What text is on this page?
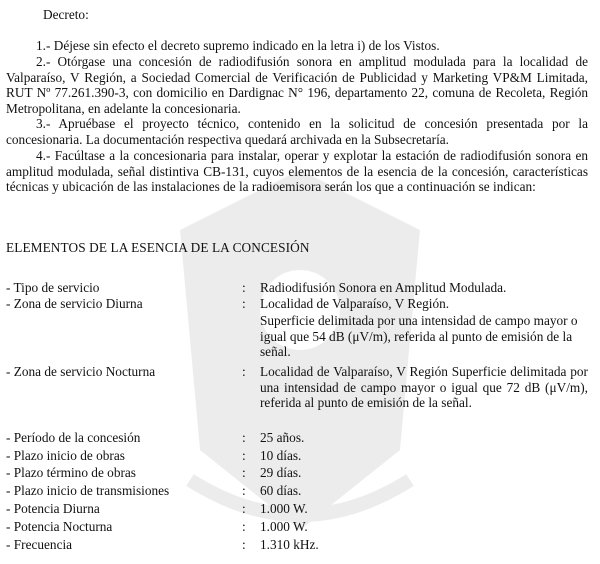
Decreto:

1.- Déjese sin efecto el decreto supremo indicado en la letra i) de los Vistos.

2.- Otórgase una concesión de radiodifusión sonora en amplitud modulada para la localidad de Valparaíso, V Región, a Sociedad Comercial de Verificación de Publicidad y Marketing VP&M Limitada, RUT Nº 77.261.390-3, con domicilio en Dardignac N° 196, departamento 22, comuna de Recoleta, Región Metropolitana, en adelante la concesionaria.

3.- Apruébase el proyecto técnico, contenido en la solicitud de concesión presentada por la concesionaria. La documentación respectiva quedará archivada en la Subsecretaría.

4.- Facúltase a la concesionaria para instalar, operar y explotar la estación de radiodifusión sonora en amplitud modulada, señal distintiva CB-131, cuyos elementos de la esencia de la concesión, características técnicas y ubicación de las instalaciones de la radioemisora serán los que a continuación se indican:

ELEMENTOS DE LA ESENCIA DE LA CONCESIÓN
- Tipo de servicio	: Radiodifusión Sonora en Amplitud Modulada.
- Zona de servicio Diurna	: Localidad de Valparaíso, V Región.
Superficie delimitada por una intensidad de campo mayor o igual que 54 dB (μV/m), referida al punto de emisión de la señal.
- Zona de servicio Nocturna	: Localidad de Valparaíso, V Región Superficie delimitada por una intensidad de campo mayor o igual que 72 dB (μV/m), referida al punto de emisión de la señal.
- Período de la concesión	: 25 años.
- Plazo inicio de obras	: 10 días.
- Plazo término de obras	: 29 días.
- Plazo inicio de transmisiones	: 60 días.
- Potencia Diurna	: 1.000 W.
- Potencia Nocturna	: 1.000 W.
- Frecuencia	: 1.310 kHz.
